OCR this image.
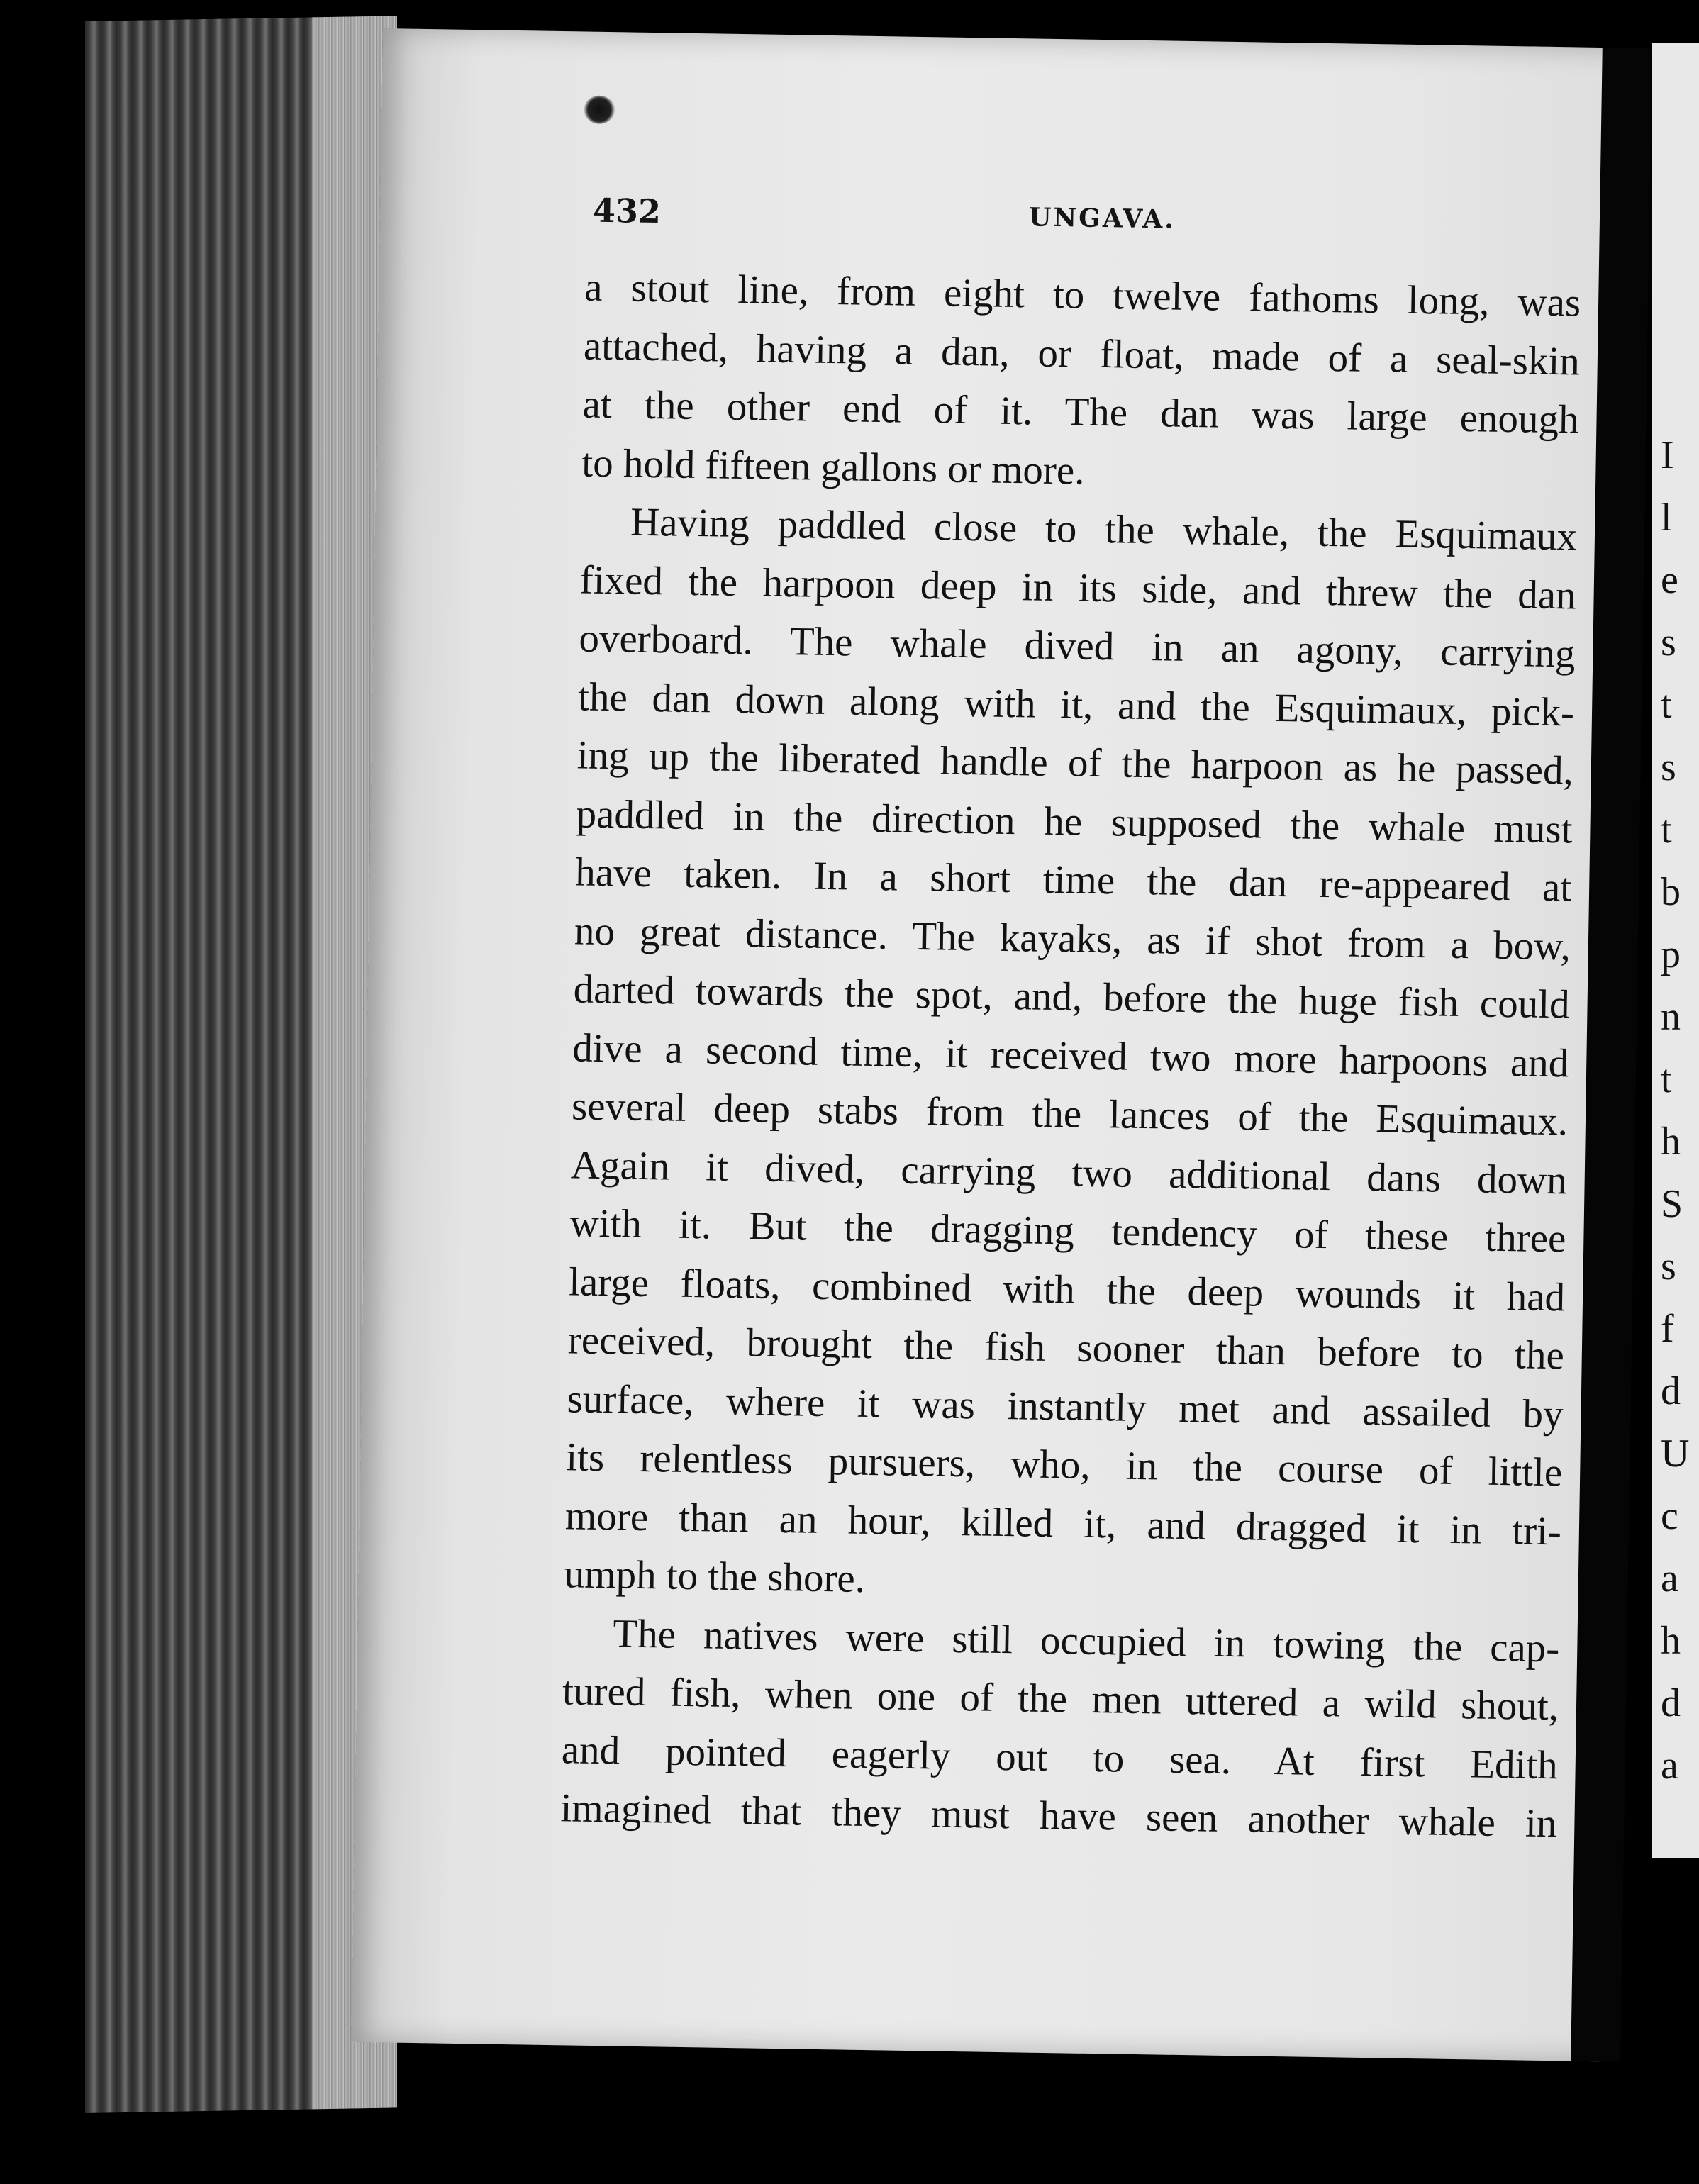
432	UNGAVA.
a stout line, from eight to twelve fathoms long, was
attached, having a dan, or float, made of a seal-skin
at the other end of it. The dan was large enough
to hold fifteen gallons or more.
Having paddled close to the whale, the Esquimaux
fixed the harpoon deep in its side, and threw the dan
overboard. The whale dived in an agony, carrying
the dan down along with it, and the Esquimaux, pick-
ing up the liberated handle of the harpoon as he passed,
paddled in the direction he supposed the whale must
have taken. In a short time the dan re-appeared at
no great distance. The kayaks, as if shot from a bow,
darted towards the spot, and, before the huge fish could
dive a second time, it received two more harpoons and
several deep stabs from the lances of the Esquimaux.
Again it dived, carrying two additional dans down
with it. But the dragging tendency of these three
large floats, combined with the deep wounds it had
received, brought the fish sooner than before to the
surface, where it was instantly met and assailed by
its relentless pursuers, who, in the course of little
more than an hour, killed it, and dragged it in tri-
umph to the shore.
The natives were still occupied in towing the cap-
tured fish, when one of the men uttered a wild shout,
and pointed eagerly out to sea. At first Edith
imagined that they must have seen another whale in
I
l
e
s
t
s
t
b
p
n
t
h
S
s
f
d
U
c
a
h
d
a
